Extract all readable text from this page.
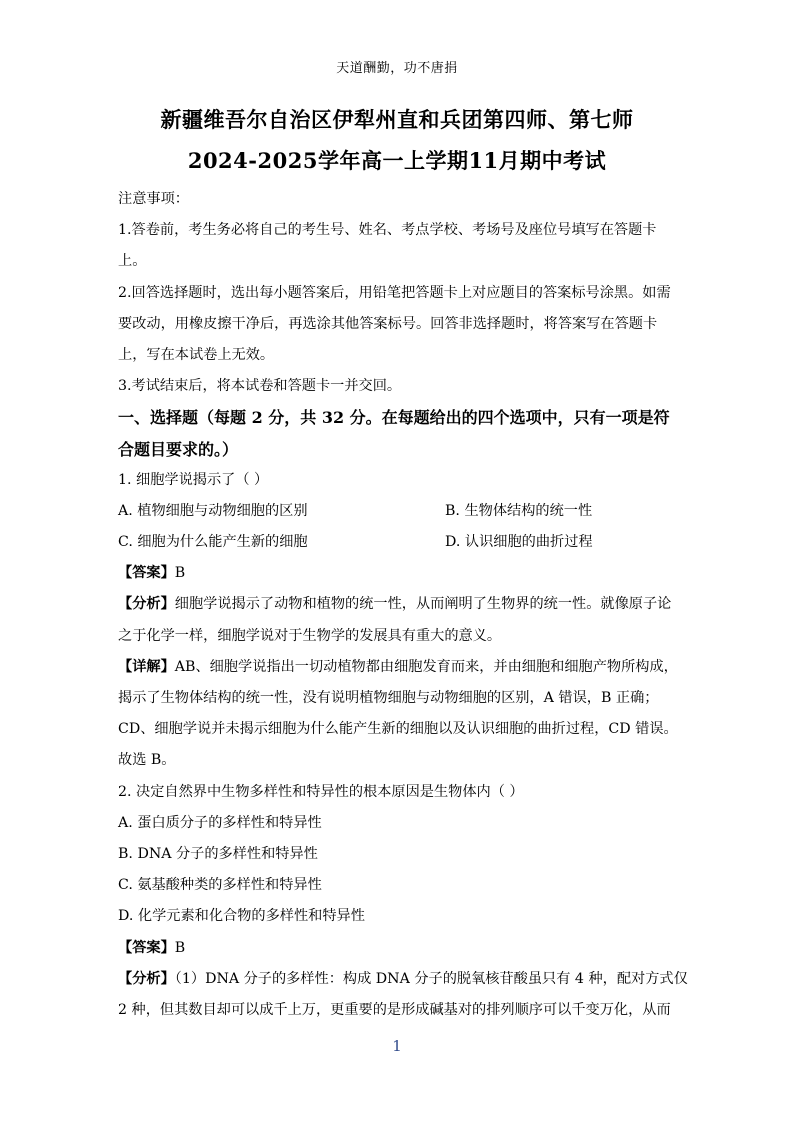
天道酬勤，功不唐捐
新疆维吾尔自治区伊犁州直和兵团第四师、第七师
2024-2025学年高一上学期11月期中考试
注意事项：
1.答卷前，考生务必将自己的考生号、姓名、考点学校、考场号及座位号填写在答题卡
上。
2.回答选择题时，选出每小题答案后，用铅笔把答题卡上对应题目的答案标号涂黑。如需
要改动，用橡皮擦干净后，再选涂其他答案标号。回答非选择题时，将答案写在答题卡
上，写在本试卷上无效。
3.考试结束后，将本试卷和答题卡一并交回。
一、选择题（每题 2 分，共 32 分。在每题给出的四个选项中，只有一项是符
合题目要求的。）
1. 细胞学说揭示了（ ）
A. 植物细胞与动物细胞的区别	B. 生物体结构的统一性
C. 细胞为什么能产生新的细胞	D. 认识细胞的曲折过程
【答案】B
【分析】细胞学说揭示了动物和植物的统一性，从而阐明了生物界的统一性。就像原子论
之于化学一样，细胞学说对于生物学的发展具有重大的意义。
【详解】AB、细胞学说指出一切动植物都由细胞发育而来，并由细胞和细胞产物所构成，
揭示了生物体结构的统一性，没有说明植物细胞与动物细胞的区别，A 错误，B 正确；
CD、细胞学说并未揭示细胞为什么能产生新的细胞以及认识细胞的曲折过程，CD 错误。
故选 B。
2. 决定自然界中生物多样性和特异性的根本原因是生物体内（ ）
A. 蛋白质分子的多样性和特异性
B. DNA 分子的多样性和特异性
C. 氨基酸种类的多样性和特异性
D. 化学元素和化合物的多样性和特异性
【答案】B
【分析】（1）DNA 分子的多样性：构成 DNA 分子的脱氧核苷酸虽只有 4 种，配对方式仅
2 种，但其数目却可以成千上万，更重要的是形成碱基对的排列顺序可以千变万化，从而
1
